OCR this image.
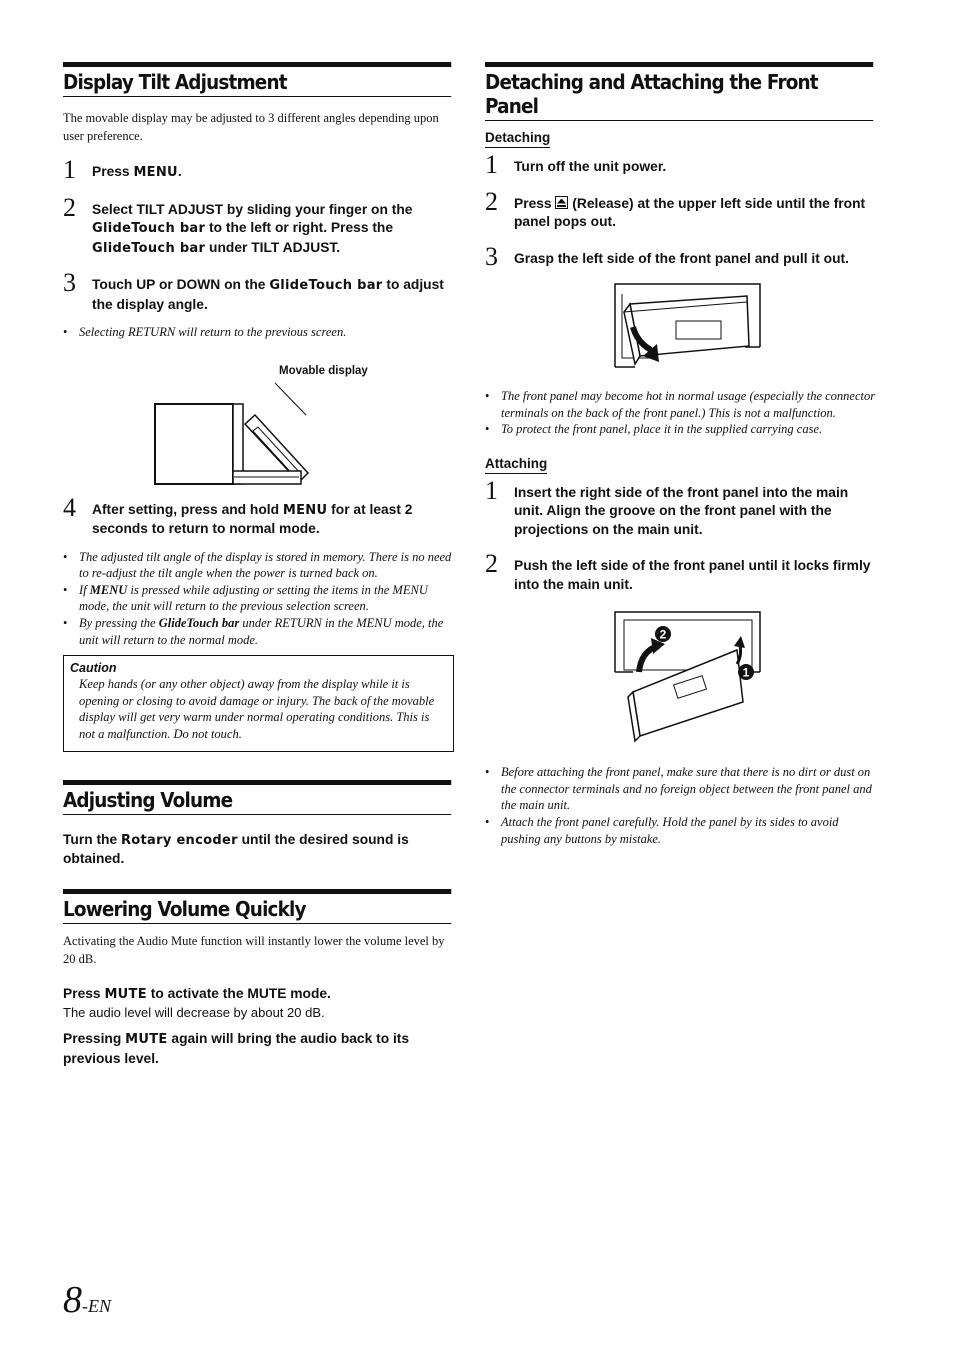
Display Tilt Adjustment

The movable display may be adjusted to 3 different angles depending upon user preference.

1 Press MENU.
2 Select TILT ADJUST by sliding your finger on the GlideTouch bar to the left or right. Press the GlideTouch bar under TILT ADJUST.
3 Touch UP or DOWN on the GlideTouch bar to adjust the display angle.
• Selecting RETURN will return to the previous screen.
Movable display
4 After setting, press and hold MENU for at least 2 seconds to return to normal mode.
• The adjusted tilt angle of the display is stored in memory. There is no need to re-adjust the tilt angle when the power is turned back on.
• If MENU is pressed while adjusting or setting the items in the MENU mode, the unit will return to the previous selection screen.
• By pressing the GlideTouch bar under RETURN in the MENU mode, the unit will return to the normal mode.
Caution
Keep hands (or any other object) away from the display while it is opening or closing to avoid damage or injury. The back of the movable display will get very warm under normal operating conditions. This is not a malfunction. Do not touch.
Adjusting Volume
Turn the Rotary encoder until the desired sound is obtained.
Lowering Volume Quickly

Activating the Audio Mute function will instantly lower the volume level by 20 dB.

Press MUTE to activate the MUTE mode.
The audio level will decrease by about 20 dB.
Pressing MUTE again will bring the audio back to its previous level.
Detaching and Attaching the Front Panel
Detaching
1 Turn off the unit power.
2 Press  (Release) at the upper left side until the front panel pops out.
3 Grasp the left side of the front panel and pull it out.
• The front panel may become hot in normal usage (especially the connector terminals on the back of the front panel.) This is not a malfunction.
• To protect the front panel, place it in the supplied carrying case.
Attaching
1 Insert the right side of the front panel into the main unit. Align the groove on the front panel with the projections on the main unit.
2 Push the left side of the front panel until it locks firmly into the main unit.
2
1
• Before attaching the front panel, make sure that there is no dirt or dust on the connector terminals and no foreign object between the front panel and the main unit.
• Attach the front panel carefully. Hold the panel by its sides to avoid pushing any buttons by mistake.
8-EN
